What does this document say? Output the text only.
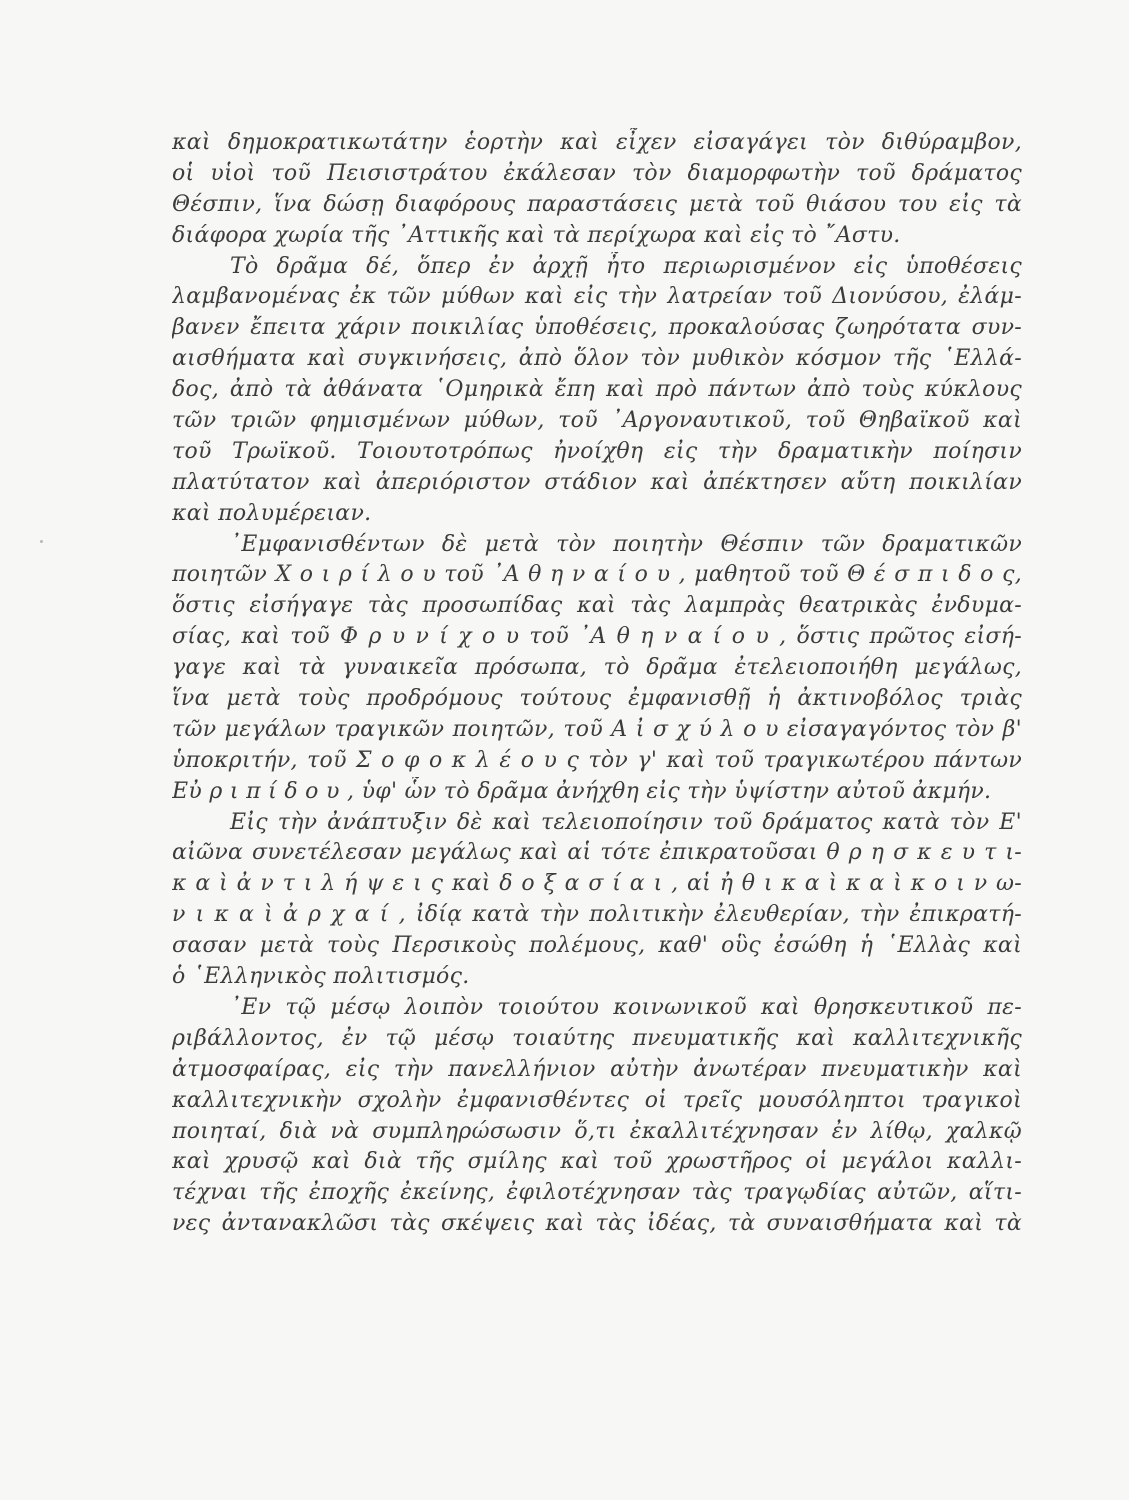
καὶ δημοκρατικωτάτην ἑορτὴν καὶ εἶχεν εἰσαγάγει τὸν διθύραμβον,
οἱ υἱοὶ τοῦ Πεισιστράτου ἐκάλεσαν τὸν διαμορφωτὴν τοῦ δράματος
Θέσπιν, ἵνα δώσῃ διαφόρους παραστάσεις μετὰ τοῦ θιάσου του εἰς τὰ
διάφορα χωρία τῆς ᾿Αττικῆς καὶ τὰ περίχωρα καὶ εἰς τὸ ῎Αστυ.
Τὸ δρᾶμα δέ, ὅπερ ἐν ἀρχῇ ἦτο περιωρισμένον εἰς ὑποθέσεις
λαμβανομένας ἐκ τῶν μύθων καὶ εἰς τὴν λατρείαν τοῦ Διονύσου, ἐλάμ-
βανεν ἔπειτα χάριν ποικιλίας ὑποθέσεις, προκαλούσας ζωηρότατα συν-
αισθήματα καὶ συγκινήσεις, ἀπὸ ὅλον τὸν μυθικὸν κόσμον τῆς ῾Ελλά-
δος, ἀπὸ τὰ ἀθάνατα ῾Ομηρικὰ ἔπη καὶ πρὸ πάντων ἀπὸ τοὺς κύκλους
τῶν τριῶν φημισμένων μύθων, τοῦ ᾿Αργοναυτικοῦ, τοῦ Θηβαϊκοῦ καὶ
τοῦ Τρωϊκοῦ. Τοιουτοτρόπως ἠνοίχθη εἰς τὴν δραματικὴν ποίησιν
πλατύτατον καὶ ἀπεριόριστον στάδιον καὶ ἀπέκτησεν αὕτη ποικιλίαν
καὶ πολυμέρειαν.
᾿Εμφανισθέντων δὲ μετὰ τὸν ποιητὴν Θέσπιν τῶν δραματικῶν
ποιητῶν Χ ο ι ρ ί λ ο υ τοῦ ᾿Α θ η ν α ί ο υ , μαθητοῦ τοῦ Θ έ σ π ι δ ο ς,
ὅστις εἰσήγαγε τὰς προσωπίδας καὶ τὰς λαμπρὰς θεατρικὰς ἐνδυμα-
σίας, καὶ τοῦ Φ ρ υ ν ί χ ο υ τοῦ ᾿Α θ η ν α ί ο υ , ὅστις πρῶτος εἰσή-
γαγε καὶ τὰ γυναικεῖα πρόσωπα, τὸ δρᾶμα ἐτελειοποιήθη μεγάλως,
ἵνα μετὰ τοὺς προδρόμους τούτους ἐμφανισθῇ ἡ ἀκτινοβόλος τριὰς
τῶν μεγάλων τραγικῶν ποιητῶν, τοῦ Α ἰ σ χ ύ λ ο υ εἰσαγαγόντος τὸν β'
ὑποκριτήν, τοῦ Σ ο φ ο κ λ έ ο υ ς τὸν γ' καὶ τοῦ τραγικωτέρου πάντων
Εὐ ρ ι π ί δ ο υ , ὑφ' ὧν τὸ δρᾶμα ἀνήχθη εἰς τὴν ὑψίστην αὐτοῦ ἀκμήν.
Εἰς τὴν ἀνάπτυξιν δὲ καὶ τελειοποίησιν τοῦ δράματος κατὰ τὸν Ε'
αἰῶνα συνετέλεσαν μεγάλως καὶ αἱ τότε ἐπικρατοῦσαι θ ρ η σ κ ε υ τ ι-
κ α ὶ ἀ ν τ ι λ ή ψ ε ι ς καὶ δ ο ξ α σ ί α ι , αἱ ἠ θ ι κ α ὶ κ α ὶ κ ο ι ν ω-
ν ι κ α ὶ ἀ ρ χ α ί , ἰδίᾳ κατὰ τὴν πολιτικὴν ἐλευθερίαν, τὴν ἐπικρατή-
σασαν μετὰ τοὺς Περσικοὺς πολέμους, καθ' οὓς ἐσώθη ἡ ῾Ελλὰς καὶ
ὁ ῾Ελληνικὸς πολιτισμός.
᾿Εν τῷ μέσῳ λοιπὸν τοιούτου κοινωνικοῦ καὶ θρησκευτικοῦ πε-
ριβάλλοντος, ἐν τῷ μέσῳ τοιαύτης πνευματικῆς καὶ καλλιτεχνικῆς
ἀτμοσφαίρας, εἰς τὴν πανελλήνιον αὐτὴν ἀνωτέραν πνευματικὴν καὶ
καλλιτεχνικὴν σχολὴν ἐμφανισθέντες οἱ τρεῖς μουσόληπτοι τραγικοὶ
ποιηταί, διὰ νὰ συμπληρώσωσιν ὅ,τι ἐκαλλιτέχνησαν ἐν λίθῳ, χαλκῷ
καὶ χρυσῷ καὶ διὰ τῆς σμίλης καὶ τοῦ χρωστῆρος οἱ μεγάλοι καλλι-
τέχναι τῆς ἐποχῆς ἐκείνης, ἐφιλοτέχνησαν τὰς τραγῳδίας αὐτῶν, αἵτι-
νες ἀντανακλῶσι τὰς σκέψεις καὶ τὰς ἰδέας, τὰ συναισθήματα καὶ τὰ
